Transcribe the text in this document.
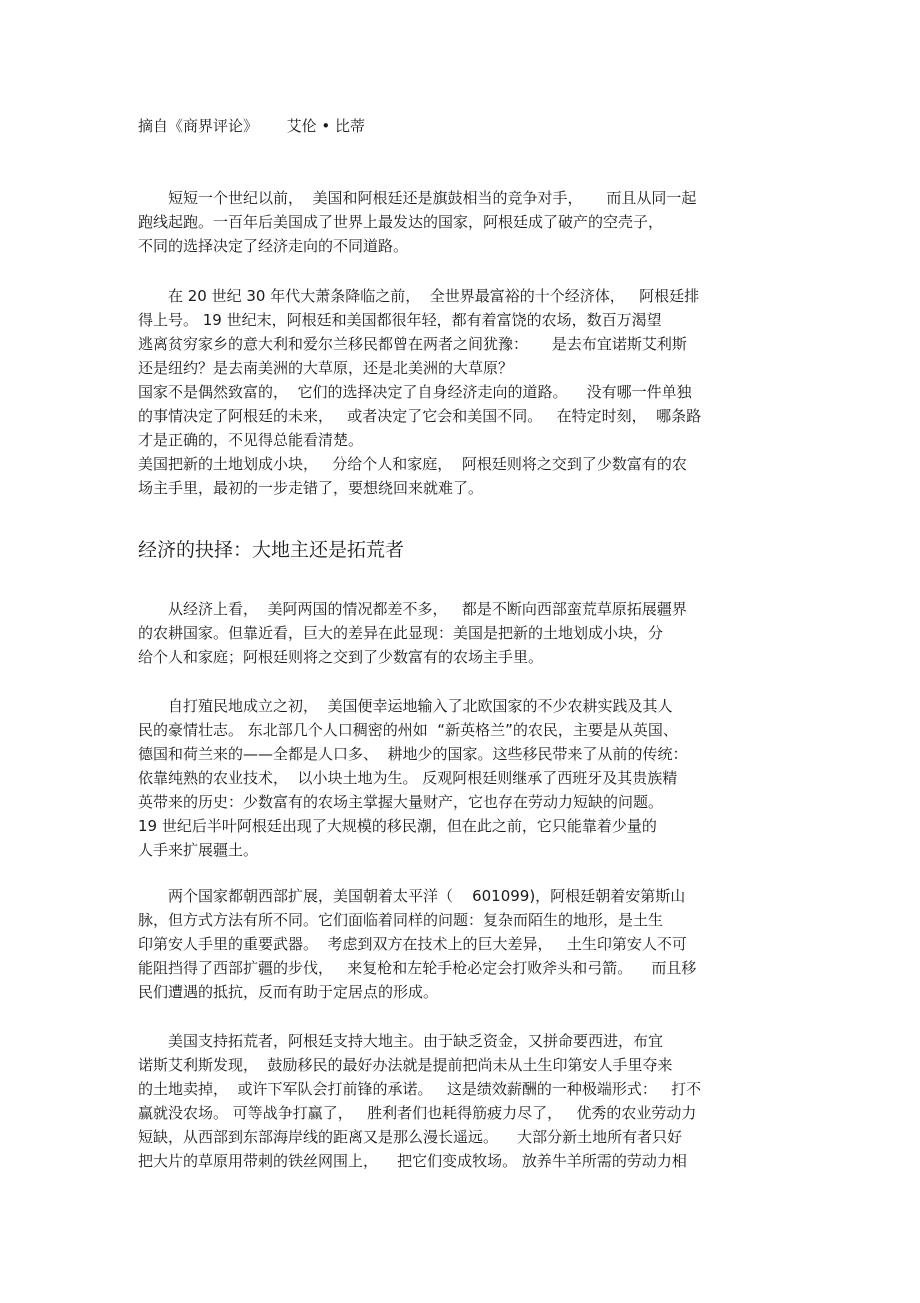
摘自《商界评论》 艾伦 • 比蒂

　　短短一个世纪以前，  美国和阿根廷还是旗鼓相当的竞争对手，     而且从同一起
跑线起跑。一百年后美国成了世界上最发达的国家，阿根廷成了破产的空壳子，
不同的选择决定了经济走向的不同道路。

　　在 20 世纪 30 年代大萧条降临之前，  全世界最富裕的十个经济体，   阿根廷排
得上号。 19 世纪末，阿根廷和美国都很年轻，都有着富饶的农场，数百万渴望
逃离贫穷家乡的意大利和爱尔兰移民都曾在两者之间犹豫：     是去布宜诺斯艾利斯
还是纽约？是去南美洲的大草原，还是北美洲的大草原？
国家不是偶然致富的，  它们的选择决定了自身经济走向的道路。    没有哪一件单独
的事情决定了阿根廷的未来，   或者决定了它会和美国不同。   在特定时刻，  哪条路
才是正确的，不见得总能看清楚。
美国把新的土地划成小块，   分给个人和家庭，  阿根廷则将之交到了少数富有的农
场主手里，最初的一步走错了，要想绕回来就难了。

经济的抉择：大地主还是拓荒者

　　从经济上看，  美阿两国的情况都差不多，   都是不断向西部蛮荒草原拓展疆界
的农耕国家。但靠近看，巨大的差异在此显现：美国是把新的土地划成小块，分
给个人和家庭；阿根廷则将之交到了少数富有的农场主手里。

　　自打殖民地成立之初，  美国便幸运地输入了北欧国家的不少农耕实践及其人
民的豪情壮志。 东北部几个人口稠密的州如  “新英格兰”的农民，主要是从英国、
德国和荷兰来的——全都是人口多、  耕地少的国家。这些移民带来了从前的传统：
依靠纯熟的农业技术，  以小块土地为生。 反观阿根廷则继承了西班牙及其贵族精
英带来的历史：少数富有的农场主掌握大量财产，它也存在劳动力短缺的问题。
19 世纪后半叶阿根廷出现了大规模的移民潮，但在此之前，它只能靠着少量的
人手来扩展疆土。

　　两个国家都朝西部扩展，美国朝着太平洋（    601099)，阿根廷朝着安第斯山
脉，但方式方法有所不同。它们面临着同样的问题：复杂而陌生的地形，是土生
印第安人手里的重要武器。  考虑到双方在技术上的巨大差异，   土生印第安人不可
能阻挡得了西部扩疆的步伐，   来复枪和左轮手枪必定会打败斧头和弓箭。    而且移
民们遭遇的抵抗，反而有助于定居点的形成。

　　美国支持拓荒者，阿根廷支持大地主。由于缺乏资金，又拼命要西进，布宜
诺斯艾利斯发现，  鼓励移民的最好办法就是提前把尚未从土生印第安人手里夺来
的土地卖掉，  或许下军队会打前锋的承诺。   这是绩效薪酬的一种极端形式：   打不
赢就没农场。 可等战争打赢了，   胜利者们也耗得筋疲力尽了，   优秀的农业劳动力
短缺，从西部到东部海岸线的距离又是那么漫长遥远。    大部分新土地所有者只好
把大片的草原用带刺的铁丝网围上，    把它们变成牧场。 放养牛羊所需的劳动力相
